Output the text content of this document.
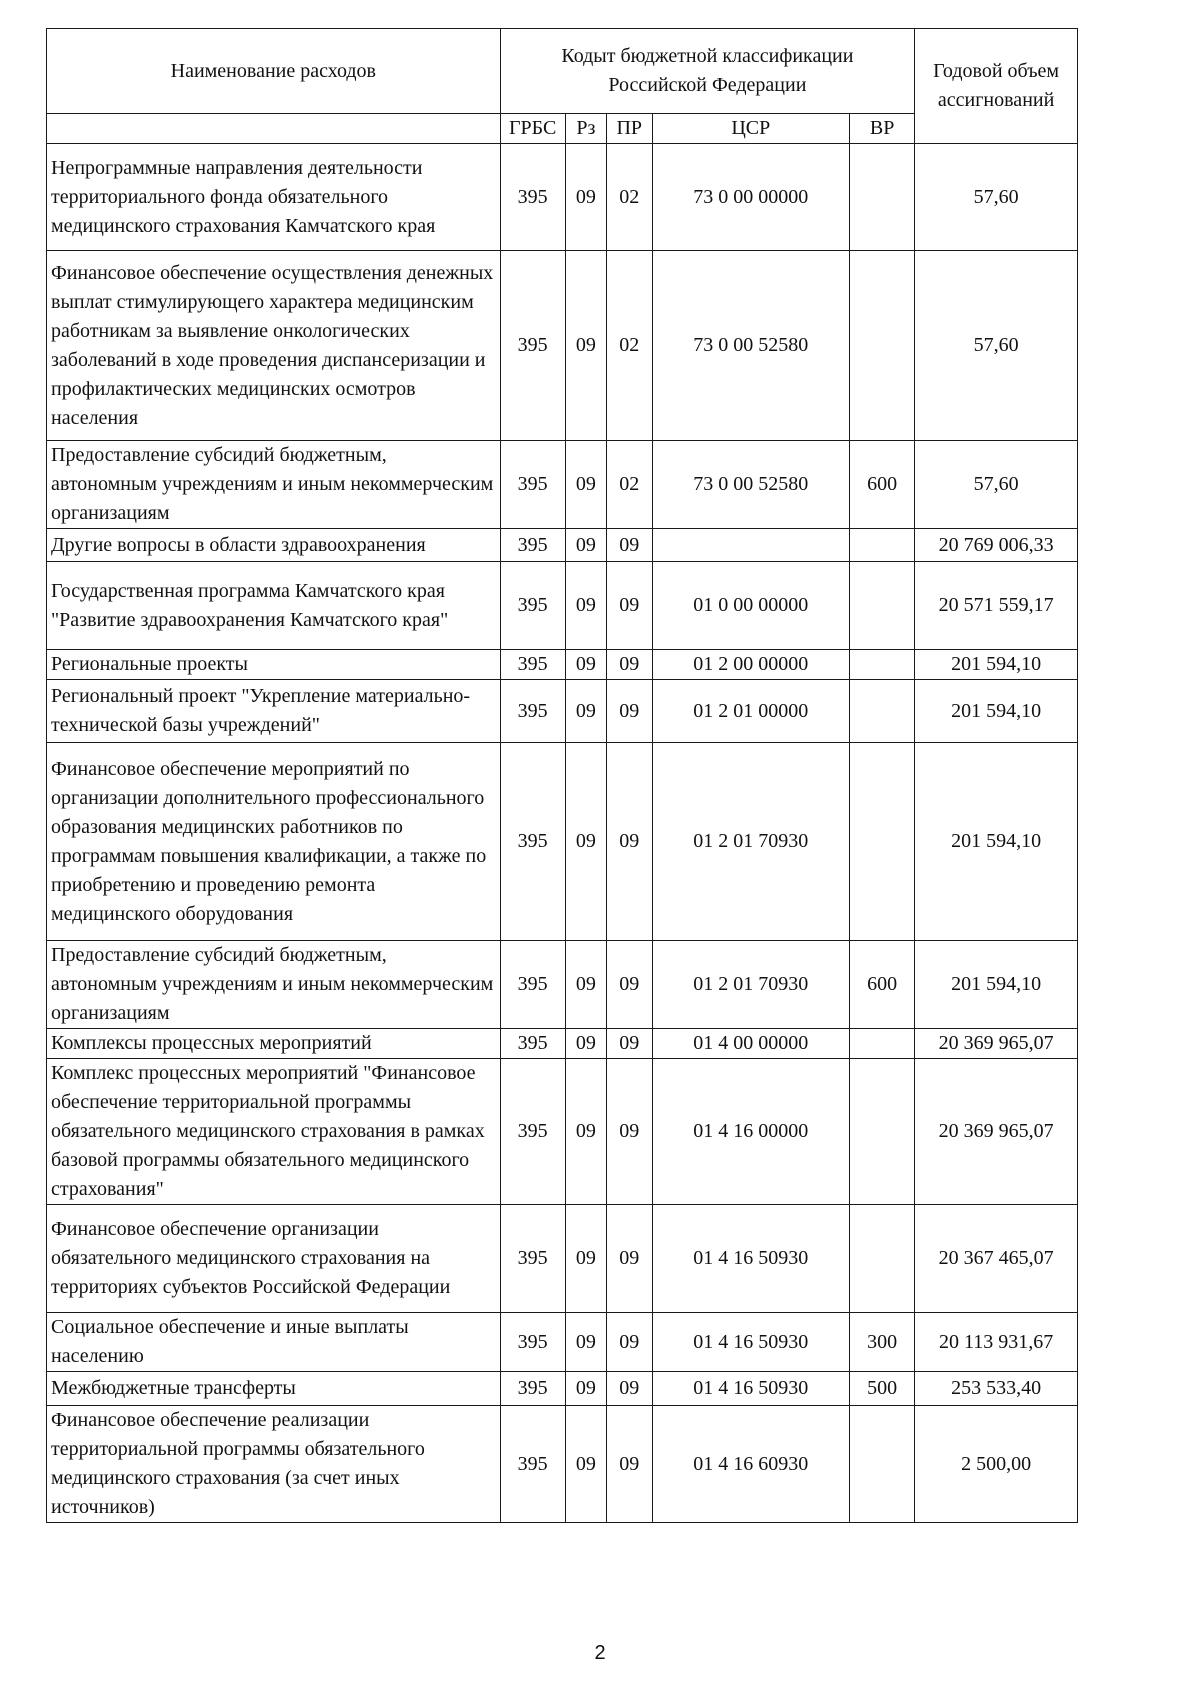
Наименование расходов	Кодыт бюджетной классификации Российской Федерации					Годовой объем ассигнований

	ГРБС	Рз	ПР	ЦСР	ВР	
Непрограммные направления деятельности территориального фонда обязательного медицинского страхования Камчатского края	395	09	02	73 0 00 00000		57,60
Финансовое обеспечение осуществления денежных выплат стимулирующего характера медицинским работникам за выявление онкологических заболеваний в ходе проведения диспансеризации и профилактических медицинских осмотров населения	395	09	02	73 0 00 52580		57,60
Предоставление субсидий бюджетным, автономным учреждениям и иным некоммерческим организациям	395	09	02	73 0 00 52580	600	57,60
Другие вопросы в области здравоохранения	395	09	09			20 769 006,33
Государственная программа Камчатского края "Развитие здравоохранения Камчатского края"	395	09	09	01 0 00 00000		20 571 559,17
Региональные проекты	395	09	09	01 2 00 00000		201 594,10
Региональный проект "Укрепление материально-технической базы учреждений"	395	09	09	01 2 01 00000		201 594,10
Финансовое обеспечение мероприятий по организации дополнительного профессионального образования медицинских работников по программам повышения квалификации, а также по приобретению и проведению ремонта медицинского оборудования	395	09	09	01 2 01 70930		201 594,10
Предоставление субсидий бюджетным, автономным учреждениям и иным некоммерческим организациям	395	09	09	01 2 01 70930	600	201 594,10
Комплексы процессных мероприятий	395	09	09	01 4 00 00000		20 369 965,07
Комплекс процессных мероприятий "Финансовое обеспечение территориальной программы обязательного медицинского страхования в рамках базовой программы обязательного медицинского страхования"	395	09	09	01 4 16 00000		20 369 965,07
Финансовое обеспечение организации обязательного медицинского страхования на территориях субъектов Российской Федерации	395	09	09	01 4 16 50930		20 367 465,07
Социальное обеспечение и иные выплаты населению	395	09	09	01 4 16 50930	300	20 113 931,67
Межбюджетные трансферты	395	09	09	01 4 16 50930	500	253 533,40
Финансовое обеспечение реализации территориальной программы обязательного медицинского страхования (за счет иных источников)	395	09	09	01 4 16 60930		2 500,00
2
